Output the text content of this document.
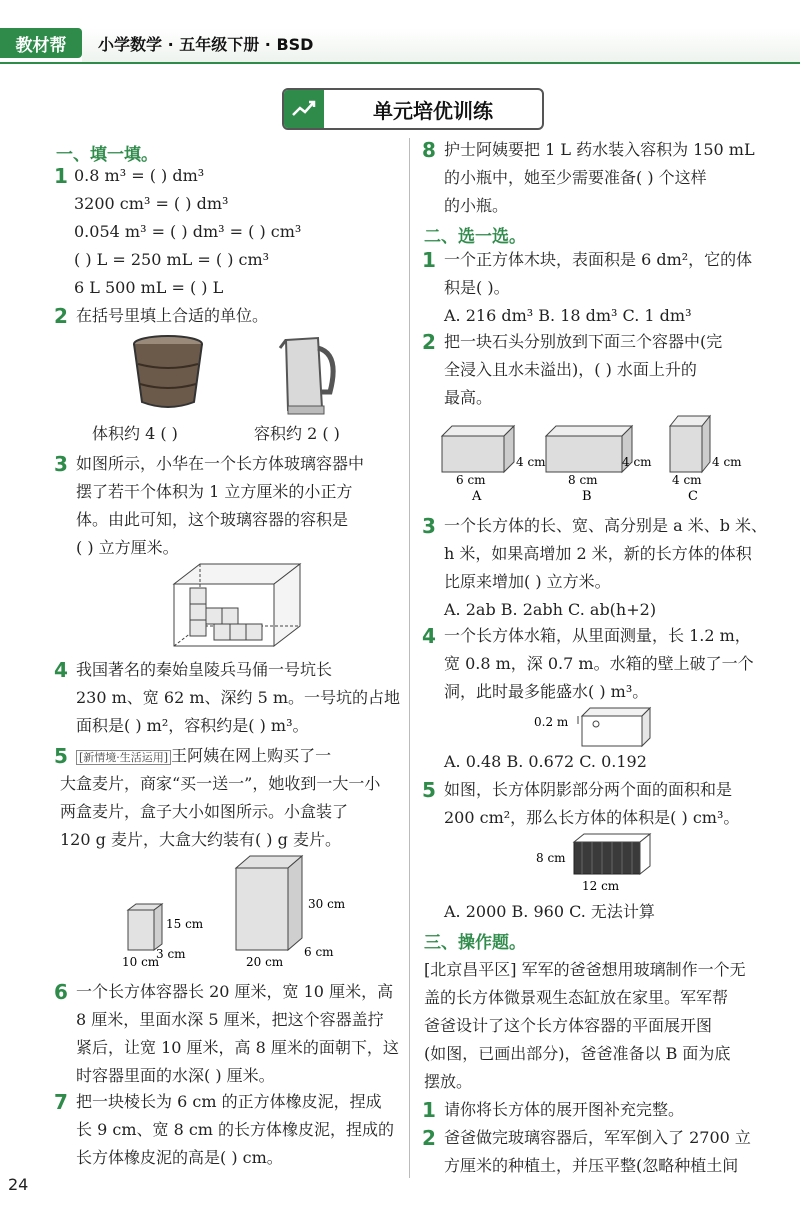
教材帮	小学数学 · 五年级下册 · BSD
单元培优训练
一、填一填。
1 0.8 m³ = ( ) dm³
3200 cm³ = ( ) dm³
0.054 m³ = ( ) dm³ = ( ) cm³
( ) L = 250 mL = ( ) cm³
6 L 500 mL = ( ) L
2 在括号里填上合适的单位。
体积约 4 ( )	容积约 2 ( )
3 如图所示，小华在一个长方体玻璃容器中
摆了若干个体积为 1 立方厘米的小正方
体。由此可知，这个玻璃容器的容积是
( ) 立方厘米。
4 我国著名的秦始皇陵兵马俑一号坑长
230 m、宽 62 m、深约 5 m。一号坑的占地
面积是( ) m²，容积约是( ) m³。
5 [新情境·生活运用] 王阿姨在网上购买了一
大盒麦片，商家“买一送一”，她收到一大一小
两盒麦片，盒子大小如图所示。小盒装了
120 g 麦片，大盒大约装有( ) g 麦片。
15 cm
10 cm
3 cm
30 cm
20 cm
6 cm
6 一个长方体容器长 20 厘米，宽 10 厘米，高
8 厘米，里面水深 5 厘米，把这个容器盖拧
紧后，让宽 10 厘米，高 8 厘米的面朝下，这
时容器里面的水深( ) 厘米。
7 把一块棱长为 6 cm 的正方体橡皮泥，捏成
长 9 cm、宽 8 cm 的长方体橡皮泥，捏成的
长方体橡皮泥的高是( ) cm。
8 护士阿姨要把 1 L 药水装入容积为 150 mL
的小瓶中，她至少需要准备( ) 个这样
的小瓶。
二、选一选。
1 一个正方体木块，表面积是 6 dm²，它的体
积是( )。
A. 216 dm³ B. 18 dm³ C. 1 dm³
2 把一块石头分别放到下面三个容器中(完
全浸入且水未溢出)，( ) 水面上升的
最高。
4 cm
6 cm
A
4 cm
8 cm
B
4 cm
4 cm
C
3 一个长方体的长、宽、高分别是 a 米、b 米、
h 米，如果高增加 2 米，新的长方体的体积
比原来增加( ) 立方米。
A. 2ab B. 2abh C. ab(h+2)
4 一个长方体水箱，从里面测量，长 1.2 m，
宽 0.8 m，深 0.7 m。水箱的壁上破了一个
洞，此时最多能盛水( ) m³。
0.2 m
A. 0.48 B. 0.672 C. 0.192
5 如图，长方体阴影部分两个面的面积和是
200 cm²，那么长方体的体积是( ) cm³。
8 cm
12 cm
A. 2000 B. 960 C. 无法计算
三、操作题。
[北京昌平区] 军军的爸爸想用玻璃制作一个无
盖的长方体微景观生态缸放在家里。军军帮
爸爸设计了这个长方体容器的平面展开图
(如图，已画出部分)，爸爸准备以 B 面为底
摆放。
1 请你将长方体的展开图补充完整。
2 爸爸做完玻璃容器后，军军倒入了 2700 立
方厘米的种植土，并压平整(忽略种植土间
24
